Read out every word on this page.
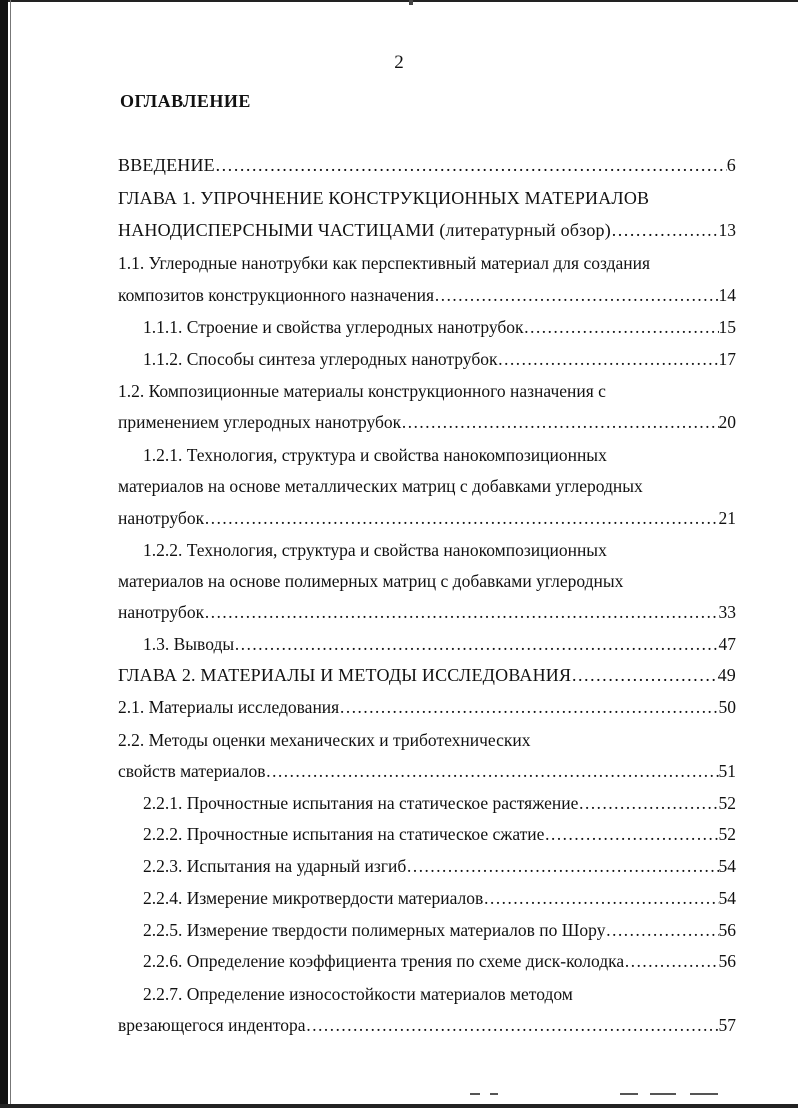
2
ОГЛАВЛЕНИЕ
ВВЕДЕНИЕ …………………………………………………………………………………………………………………………………………………………………………………………………	6
ГЛАВА 1. УПРОЧНЕНИЕ КОНСТРУКЦИОННЫХ МАТЕРИАЛОВ
НАНОДИСПЕРСНЫМИ ЧАСТИЦАМИ (литературный обзор)……… …………………………………………………………………………………………………………………………………………………………………………………………………	13
1.1. Углеродные нанотрубки как перспективный материал для создания
композитов конструкционного назначения …………………………………………………………………………………………………………………………………………………………………………………………………	14
1.1.1. Строение и свойства углеродных нанотрубок …………………………………………………………………………………………………………………………………………………………………………………………………	15
1.1.2. Способы синтеза углеродных нанотрубок …………………………………………………………………………………………………………………………………………………………………………………………………	17
1.2. Композиционные материалы конструкционного назначения с
применением углеродных нанотрубок …………………………………………………………………………………………………………………………………………………………………………………………………	20
1.2.1. Технология, структура и свойства нанокомпозиционных
материалов на основе металлических матриц с добавками углеродных
нанотрубок …………………………………………………………………………………………………………………………………………………………………………………………………	21
1.2.2. Технология, структура и свойства нанокомпозиционных
материалов на основе полимерных матриц с добавками углеродных
нанотрубок …………………………………………………………………………………………………………………………………………………………………………………………………	33
1.3. Выводы …………………………………………………………………………………………………………………………………………………………………………………………………	47
ГЛАВА 2. МАТЕРИАЛЫ И МЕТОДЫ ИССЛЕДОВАНИЯ …………………………………………………………………………………………………………………………………………………………………………………………………	49
2.1. Материалы исследования …………………………………………………………………………………………………………………………………………………………………………………………………	50
2.2. Методы оценки механических и триботехнических
свойств материалов …………………………………………………………………………………………………………………………………………………………………………………………………	51
2.2.1. Прочностные испытания на статическое растяжение …………………………………………………………………………………………………………………………………………………………………………………………………	52
2.2.2. Прочностные испытания на статическое сжатие …………………………………………………………………………………………………………………………………………………………………………………………………	52
2.2.3. Испытания на ударный изгиб …………………………………………………………………………………………………………………………………………………………………………………………………	54
2.2.4. Измерение микротвердости материалов …………………………………………………………………………………………………………………………………………………………………………………………………	54
2.2.5. Измерение твердости полимерных материалов по Шору …………………………………………………………………………………………………………………………………………………………………………………………………	56
2.2.6. Определение коэффициента трения по схеме диск-колодка …………………………………………………………………………………………………………………………………………………………………………………………………	56
2.2.7. Определение износостойкости материалов методом
врезающегося индентора …………………………………………………………………………………………………………………………………………………………………………………………………	57
